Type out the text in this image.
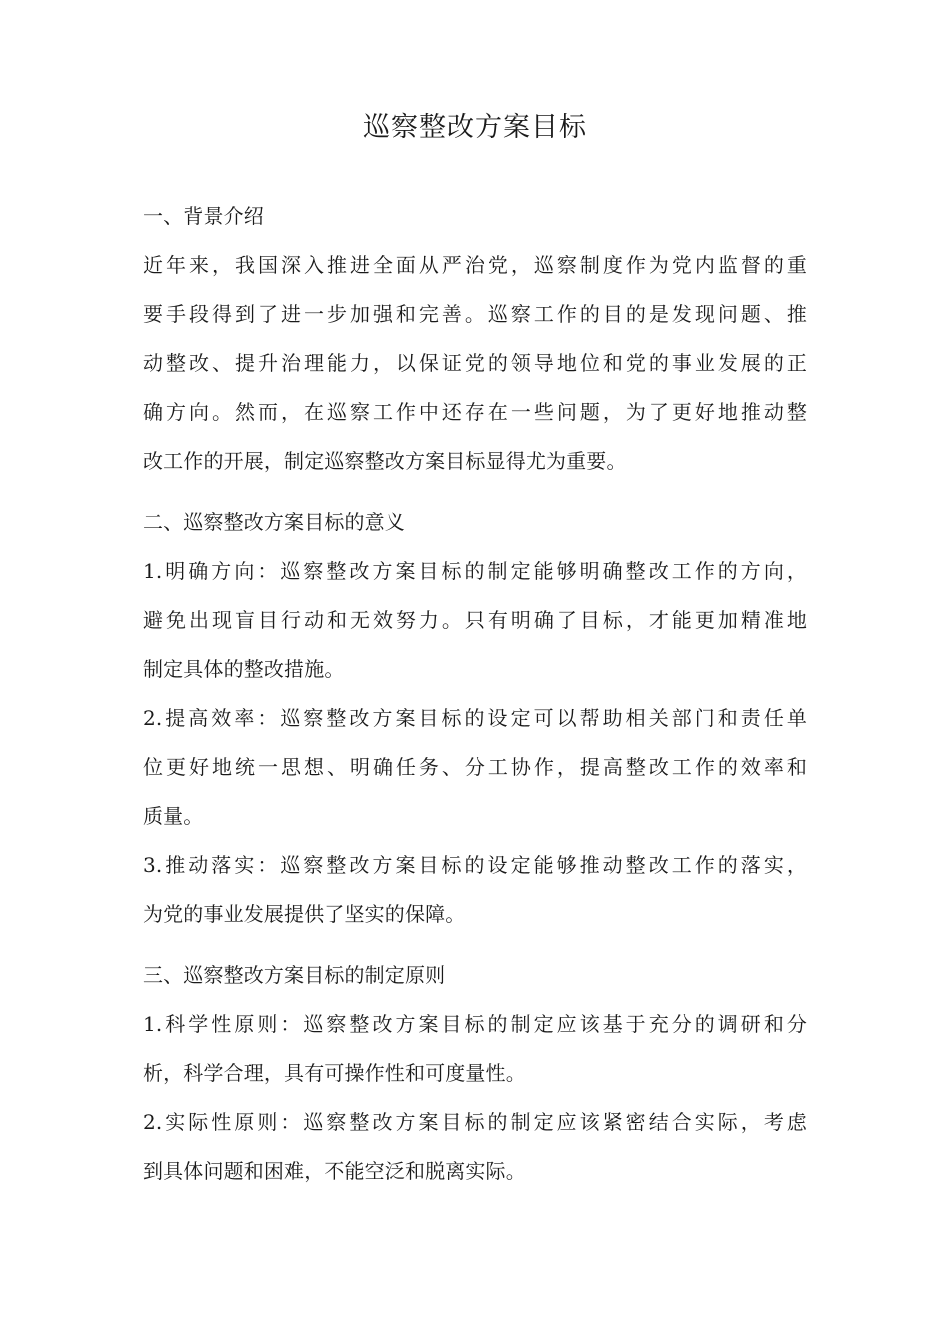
巡察整改方案目标
一、背景介绍
近年来，我国深入推进全面从严治党，巡察制度作为党内监督的重
要手段得到了进一步加强和完善。巡察工作的目的是发现问题、推
动整改、提升治理能力，以保证党的领导地位和党的事业发展的正
确方向。然而，在巡察工作中还存在一些问题，为了更好地推动整
改工作的开展，制定巡察整改方案目标显得尤为重要。
二、巡察整改方案目标的意义
1.明确方向：巡察整改方案目标的制定能够明确整改工作的方向，
避免出现盲目行动和无效努力。只有明确了目标，才能更加精准地
制定具体的整改措施。
2.提高效率：巡察整改方案目标的设定可以帮助相关部门和责任单
位更好地统一思想、明确任务、分工协作，提高整改工作的效率和
质量。
3.推动落实：巡察整改方案目标的设定能够推动整改工作的落实，
为党的事业发展提供了坚实的保障。
三、巡察整改方案目标的制定原则
1.科学性原则：巡察整改方案目标的制定应该基于充分的调研和分
析，科学合理，具有可操作性和可度量性。
2.实际性原则：巡察整改方案目标的制定应该紧密结合实际，考虑
到具体问题和困难，不能空泛和脱离实际。
